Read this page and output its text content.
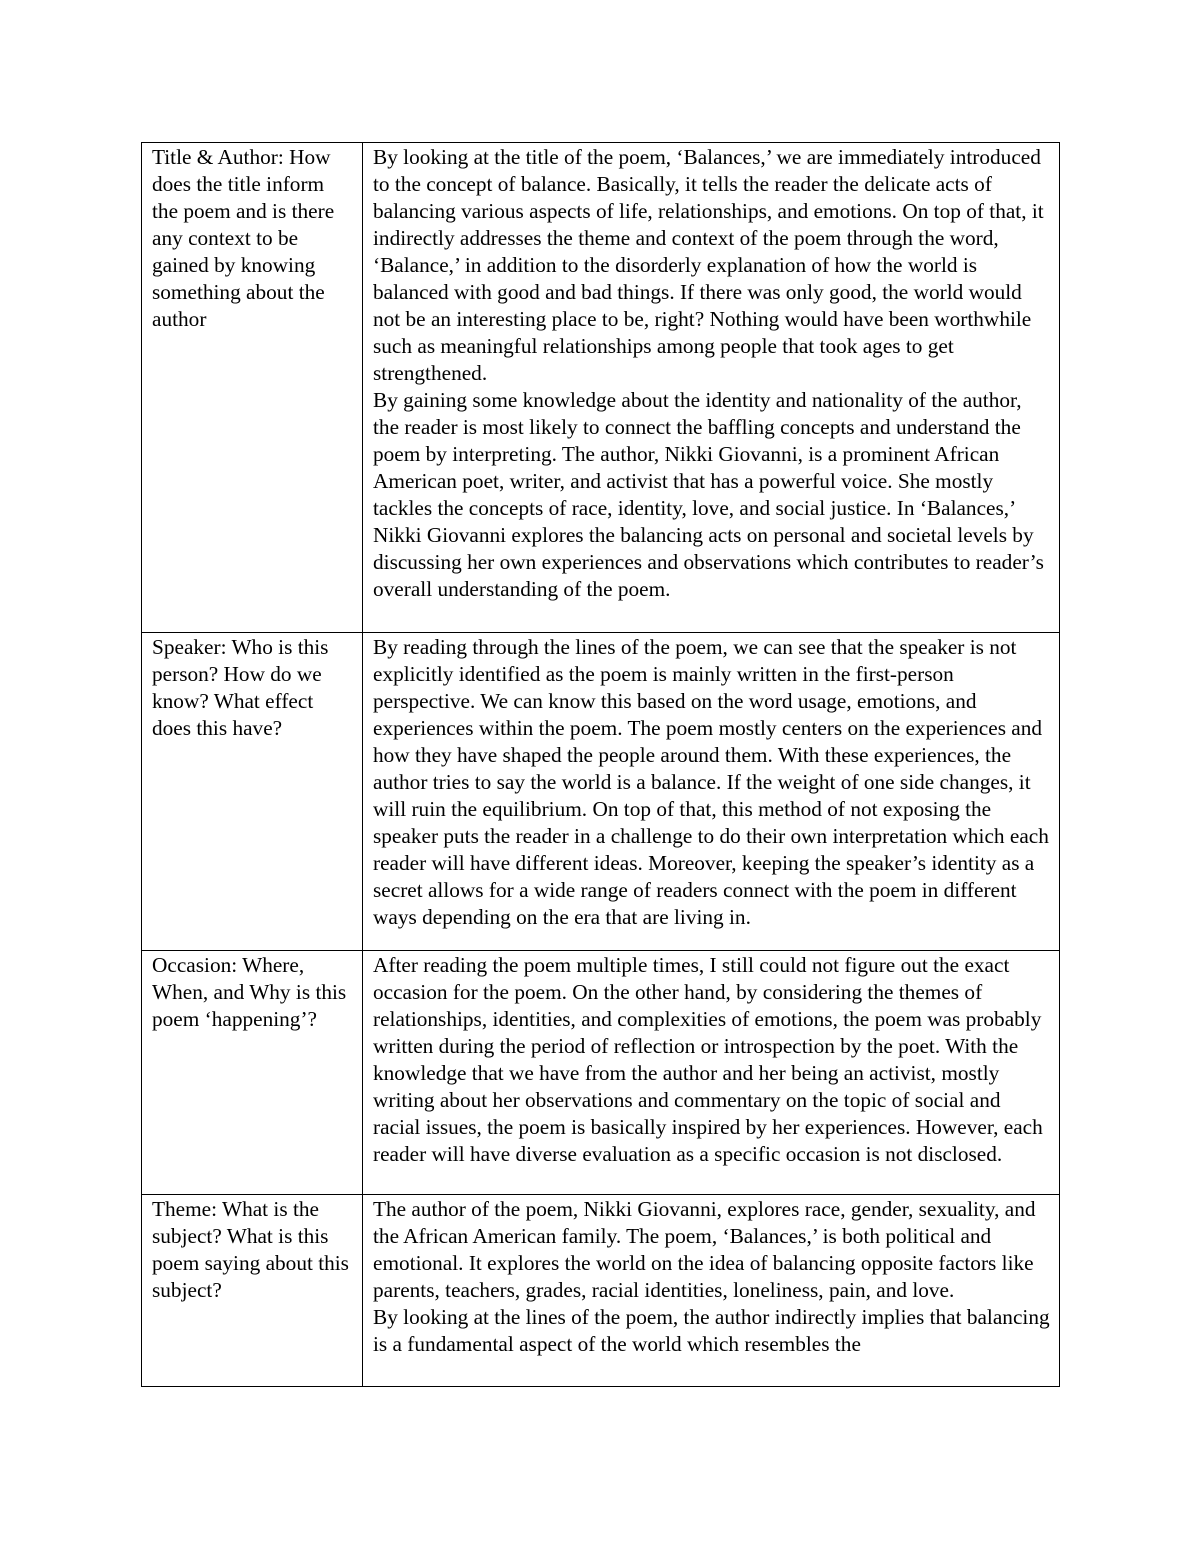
Title & Author: How does the title inform the poem and is there any context to be gained by knowing something about the author	By looking at the title of the poem, ‘Balances,’ we are immediately introduced to the concept of balance. Basically, it tells the reader the delicate acts of balancing various aspects of life, relationships, and emotions. On top of that, it indirectly addresses the theme and context of the poem through the word, ‘Balance,’ in addition to the disorderly explanation of how the world is balanced with good and bad things. If there was only good, the world would not be an interesting place to be, right? Nothing would have been worthwhile such as meaningful relationships among people that took ages to get strengthened.

By gaining some knowledge about the identity and nationality of the author, the reader is most likely to connect the baffling concepts and understand the poem by interpreting. The author, Nikki Giovanni, is a prominent African American poet, writer, and activist that has a powerful voice. She mostly tackles the concepts of race, identity, love, and social justice. In ‘Balances,’ Nikki Giovanni explores the balancing acts on personal and societal levels by discussing her own experiences and observations which contributes to reader’s overall understanding of the poem.

Speaker: Who is this person? How do we know? What effect does this have?	By reading through the lines of the poem, we can see that the speaker is not explicitly identified as the poem is mainly written in the first-person perspective. We can know this based on the word usage, emotions, and experiences within the poem. The poem mostly centers on the experiences and how they have shaped the people around them. With these experiences, the author tries to say the world is a balance. If the weight of one side changes, it will ruin the equilibrium. On top of that, this method of not exposing the speaker puts the reader in a challenge to do their own interpretation which each reader will have different ideas. Moreover, keeping the speaker’s identity as a secret allows for a wide range of readers connect with the poem in different ways depending on the era that are living in.

Occasion: Where, When, and Why is this poem ‘happening’?	After reading the poem multiple times, I still could not figure out the exact occasion for the poem. On the other hand, by considering the themes of relationships, identities, and complexities of emotions, the poem was probably written during the period of reflection or introspection by the poet. With the knowledge that we have from the author and her being an activist, mostly writing about her observations and commentary on the topic of social and racial issues, the poem is basically inspired by her experiences. However, each reader will have diverse evaluation as a specific occasion is not disclosed.

Theme: What is the subject? What is this poem saying about this subject?	The author of the poem, Nikki Giovanni, explores race, gender, sexuality, and the African American family. The poem, ‘Balances,’ is both political and emotional. It explores the world on the idea of balancing opposite factors like parents, teachers, grades, racial identities, loneliness, pain, and love.

By looking at the lines of the poem, the author indirectly implies that balancing is a fundamental aspect of the world which resembles the
